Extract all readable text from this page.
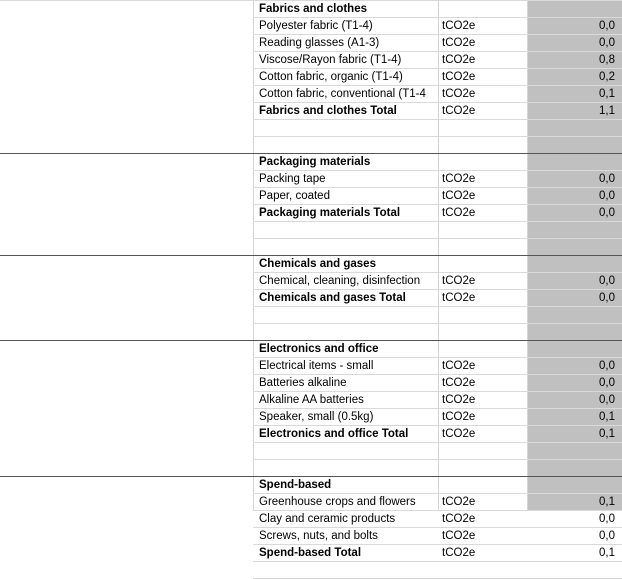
Fabrics and clothes
Polyester fabric (T1-4)	tCO2e	0,0
Reading glasses (A1-3)	tCO2e	0,0
Viscose/Rayon fabric (T1-4)	tCO2e	0,8
Cotton fabric, organic (T1-4)	tCO2e	0,2
Cotton fabric, conventional (T1-4	tCO2e	0,1
Fabrics and clothes Total	tCO2e	1,1
Packaging materials
Packing tape	tCO2e	0,0
Paper, coated	tCO2e	0,0
Packaging materials Total	tCO2e	0,0
Chemicals and gases
Chemical, cleaning, disinfection	tCO2e	0,0
Chemicals and gases Total	tCO2e	0,0
Electronics and office
Electrical items - small	tCO2e	0,0
Batteries alkaline	tCO2e	0,0
Alkaline AA batteries	tCO2e	0,0
Speaker, small (0.5kg)	tCO2e	0,1
Electronics and office Total	tCO2e	0,1
Spend-based
Greenhouse crops and flowers	tCO2e	0,1
Clay and ceramic products	tCO2e	0,0
Screws, nuts, and bolts	tCO2e	0,0
Spend-based Total	tCO2e	0,1
